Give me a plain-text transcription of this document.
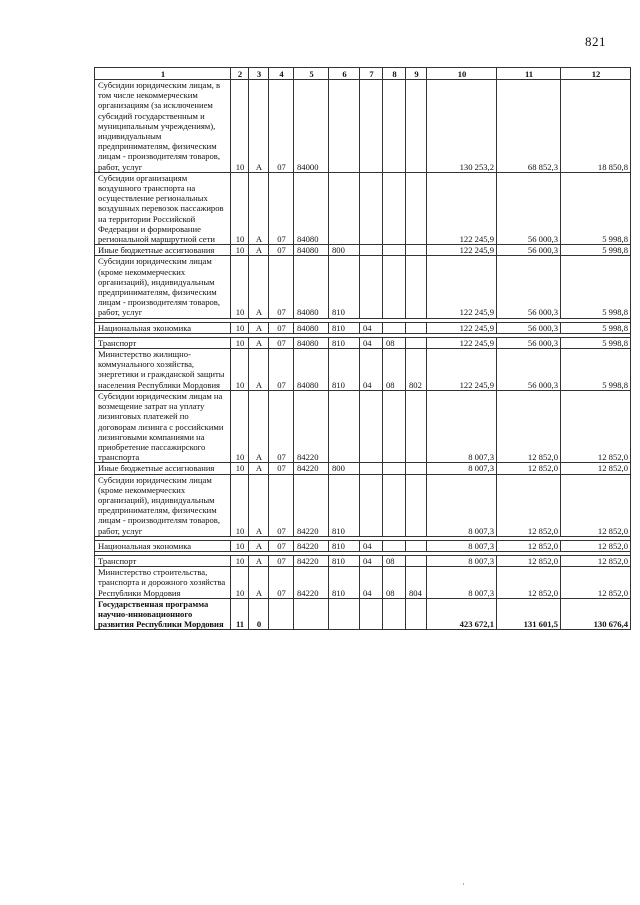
821
1	2	3	4	5	6	7	8	9	10	11	12
Субсидии юридическим лицам, в том числе некоммерческим организациям (за исключением субсидий государственным и муниципальным учреждениям), индивидуальным предпринимателям, физическим лицам - производителям товаров, работ, услуг	10	А	07	84000					130 253,2	68 852,3	18 850,8
Субсидии организациям воздушного транспорта на осуществление региональных воздушных перевозок пассажиров на территории Российской Федерации и формирование региональной маршрутной сети	10	А	07	84080					122 245,9	56 000,3	5 998,8
Иные бюджетные ассигнования	10	А	07	84080	800				122 245,9	56 000,3	5 998,8
Субсидии юридическим лицам (кроме некоммерческих организаций), индивидуальным предпринимателям, физическим лицам - производителям товаров, работ, услуг	10	А	07	84080	810				122 245,9	56 000,3	5 998,8

Национальная экономика	10	А	07	84080	810	04			122 245,9	56 000,3	5 998,8

Транспорт	10	А	07	84080	810	04	08		122 245,9	56 000,3	5 998,8
Министерство жилищно-коммунального хозяйства, энергетики и гражданской защиты населения Республики Мордовия	10	А	07	84080	810	04	08	802	122 245,9	56 000,3	5 998,8
Субсидии юридическим лицам на возмещение затрат на уплату лизинговых платежей по договорам лизинга с российскими лизинговыми компаниями на приобретение пассажирского транспорта	10	А	07	84220					8 007,3	12 852,0	12 852,0
Иные бюджетные ассигнования	10	А	07	84220	800				8 007,3	12 852,0	12 852,0
Субсидии юридическим лицам (кроме некоммерческих организаций), индивидуальным предпринимателям, физическим лицам - производителям товаров, работ, услуг	10	А	07	84220	810				8 007,3	12 852,0	12 852,0

Национальная экономика	10	А	07	84220	810	04			8 007,3	12 852,0	12 852,0

Транспорт	10	А	07	84220	810	04	08		8 007,3	12 852,0	12 852,0
Министерство строительства, транспорта и дорожного хозяйства Республики Мордовия	10	А	07	84220	810	04	08	804	8 007,3	12 852,0	12 852,0
Государственная программа научно-инновационного развития Республики Мордовия	11	0							423 672,1	131 601,5	130 676,4
·
